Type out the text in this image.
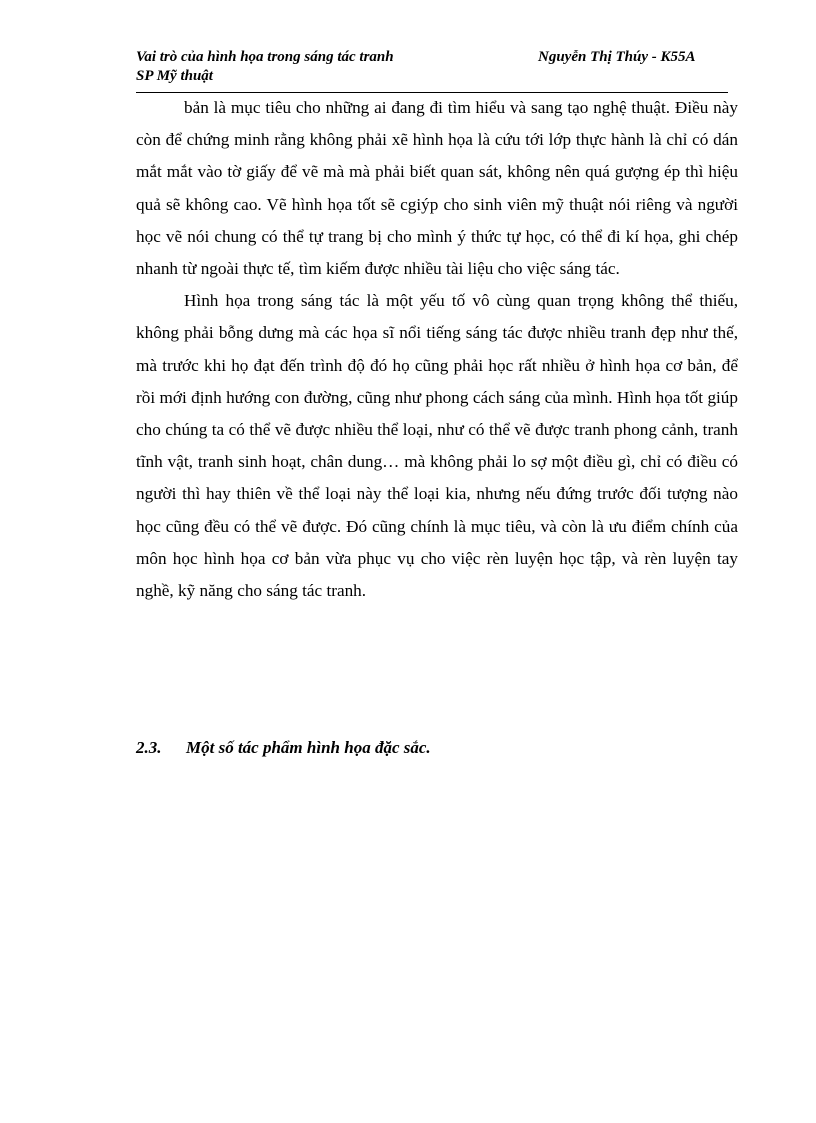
Vai trò của hình họa trong sáng tác tranh
SP Mỹ thuật
Nguyễn Thị Thúy - K55A

bản là mục tiêu cho những ai đang đi tìm hiểu và sang tạo nghệ thuật. Điều này còn để chứng minh rằng không phải xẽ hình họa là cứu tới lớp thực hành là chỉ có dán mắt mắt vào tờ giấy để vẽ mà mà phải biết quan sát, không nên quá gượng ép thì hiệu quả sẽ không cao. Vẽ hình họa tốt sẽ cgiýp cho sinh viên mỹ thuật nói riêng và người học vẽ nói chung có thể tự trang bị cho mình ý thức tự học, có thể đi kí họa, ghi chép nhanh từ ngoài thực tế, tìm kiếm được nhiều tài liệu cho việc sáng tác.

Hình họa trong sáng tác là một yếu tố vô cùng quan trọng không thể thiếu, không phải bỗng dưng mà các họa sĩ nổi tiếng sáng tác được nhiều tranh đẹp như thế, mà trước khi họ đạt đến trình độ đó họ cũng phải học rất nhiều ở hình họa cơ bản, để rồi mới định hướng con đường, cũng như phong cách sáng của mình. Hình họa tốt giúp cho chúng ta có thể vẽ được nhiều thể loại, như có thể vẽ được tranh phong cảnh, tranh tĩnh vật, tranh sinh hoạt, chân dung… mà không phải lo sợ một điều gì, chỉ có điều có người thì hay thiên về thể loại này thể loại kia, nhưng nếu đứng trước đối tượng nào học cũng đều có thể vẽ được. Đó cũng chính là mục tiêu, và còn là ưu điểm chính của môn học hình họa cơ bản vừa phục vụ cho việc rèn luyện học tập, và rèn luyện tay nghề, kỹ năng cho sáng tác tranh.

2.3. Một số tác phẩm hình họa đặc sắc.
